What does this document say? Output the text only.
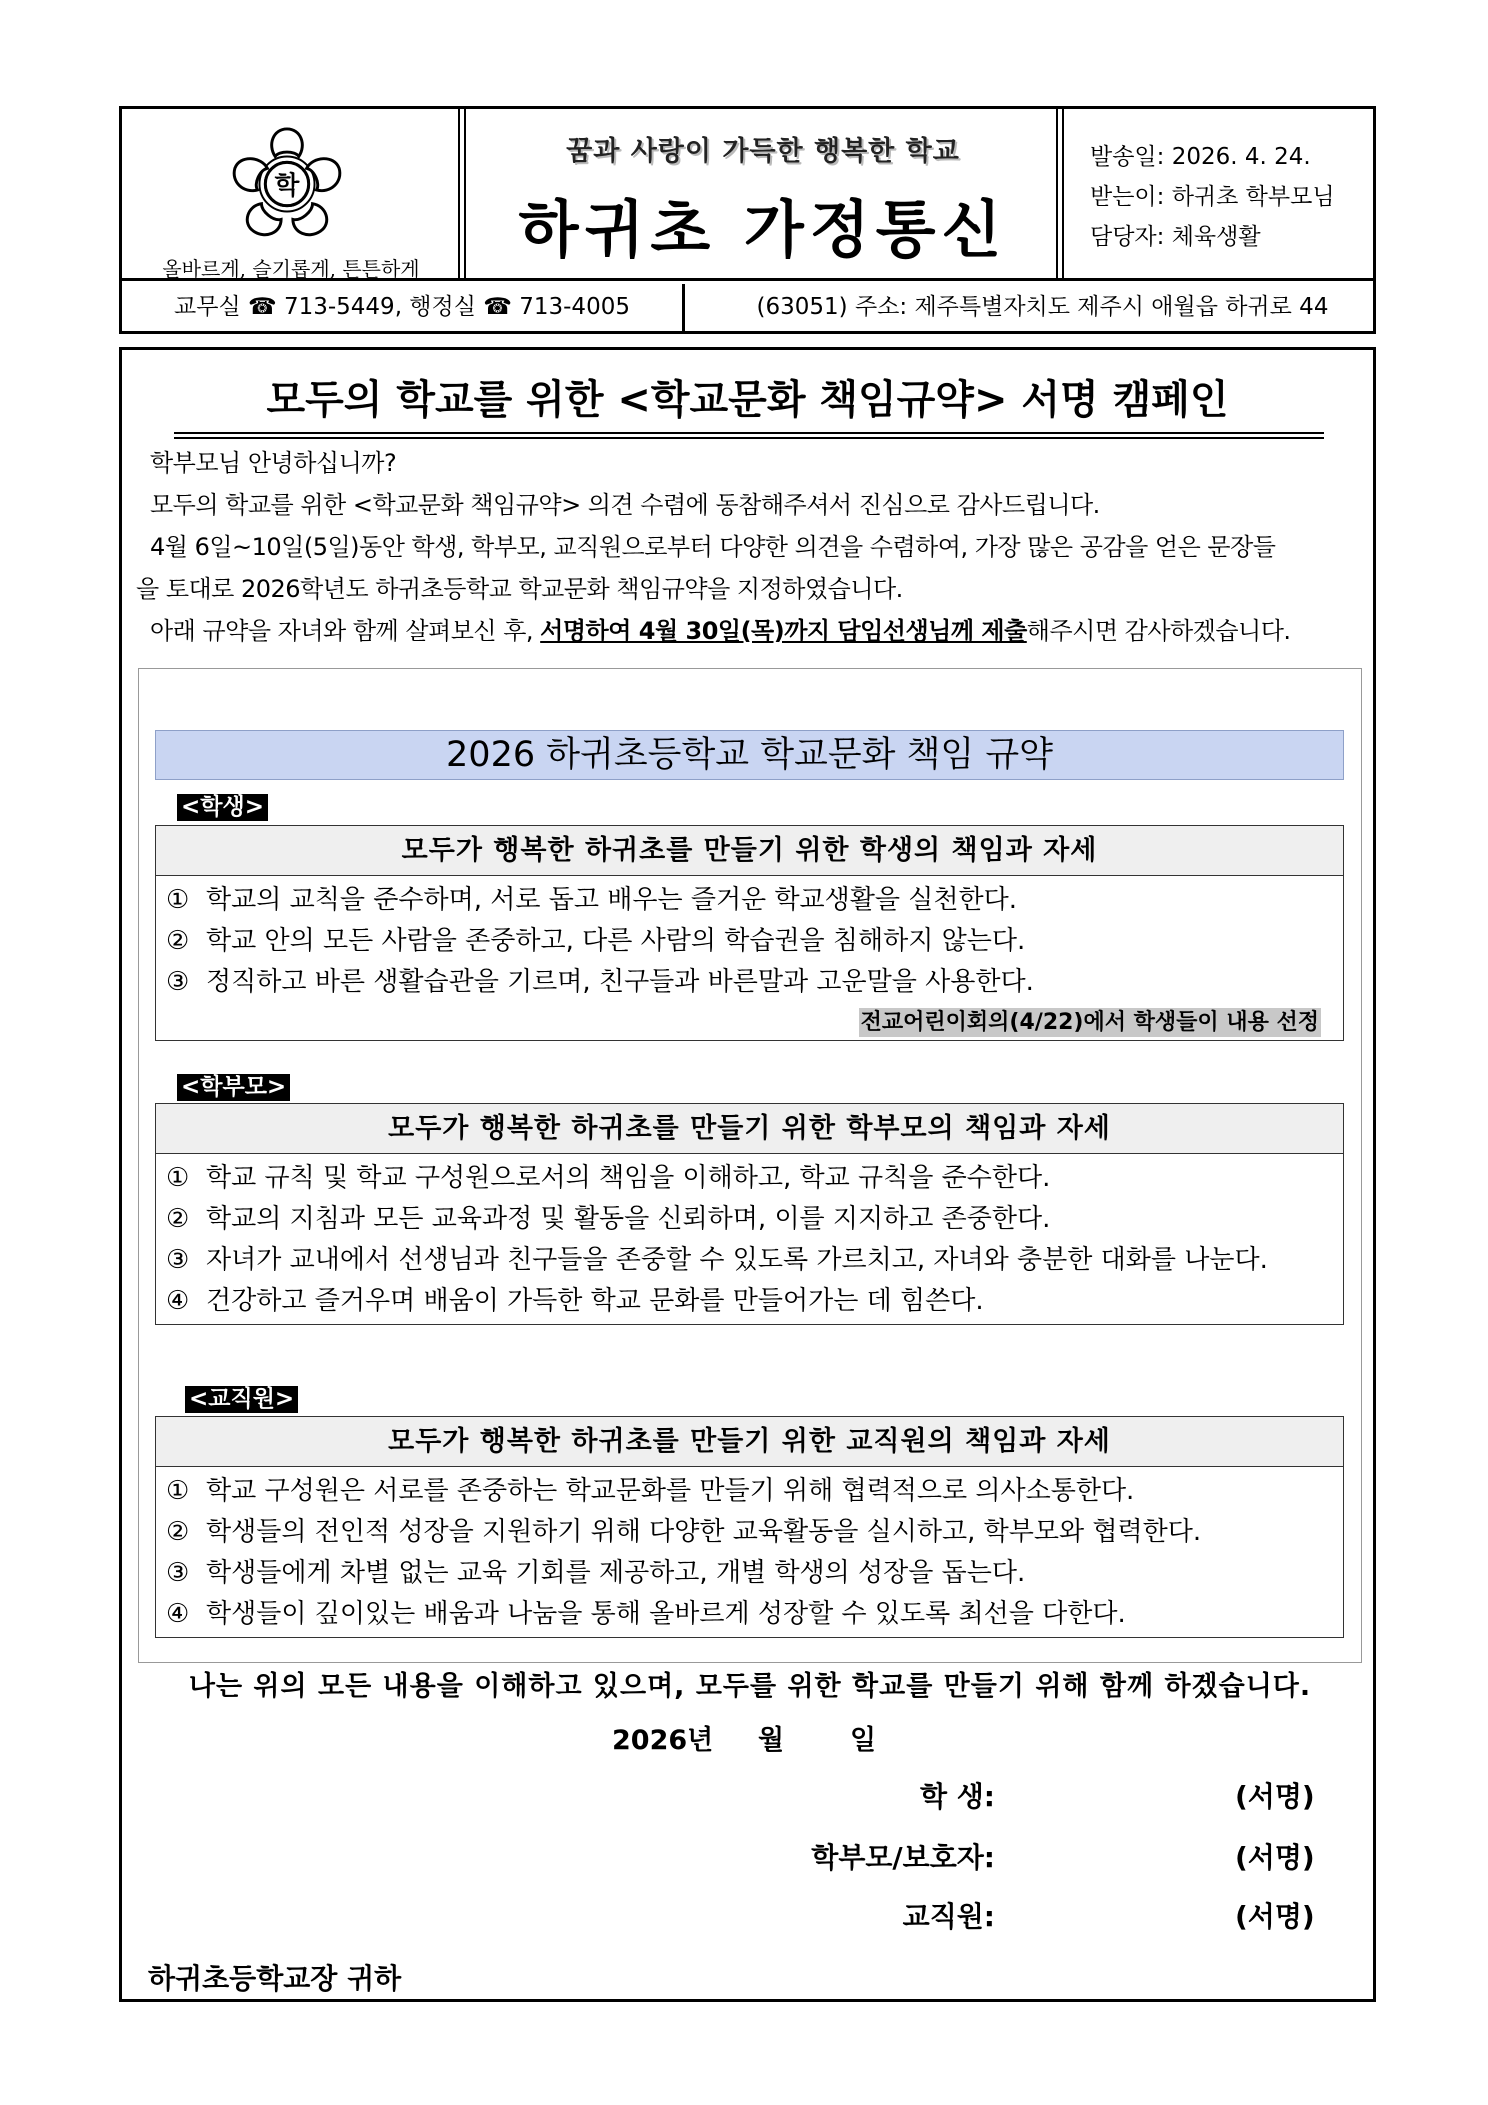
학
올바르게, 슬기롭게, 튼튼하게
꿈과 사랑이 가득한 행복한 학교
하귀초 가정통신
발송일: 2026. 4. 24.
받는이: 하귀초 학부모님
담당자: 체육생활
교무실 ☎ 713-5449, 행정실 ☎ 713-4005	(63051) 주소: 제주특별자치도 제주시 애월읍 하귀로 44
모두의 학교를 위한 <학교문화 책임규약> 서명 캠페인

학부모님 안녕하십니까?

모두의 학교를 위한 <학교문화 책임규약> 의견 수렴에 동참해주셔서 진심으로 감사드립니다.

4월 6일~10일(5일)동안 학생, 학부모, 교직원으로부터 다양한 의견을 수렴하여, 가장 많은 공감을 얻은 문장들

을 토대로 2026학년도 하귀초등학교 학교문화 책임규약을 지정하였습니다.

아래 규약을 자녀와 함께 살펴보신 후, 서명하여 4월 30일(목)까지 담임선생님께 제출해주시면 감사하겠습니다.

2026 하귀초등학교 학교문화 책임 규약
<학생>
모두가 행복한 하귀초를 만들기 위한 학생의 책임과 자세
① 학교의 교칙을 준수하며, 서로 돕고 배우는 즐거운 학교생활을 실천한다.
② 학교 안의 모든 사람을 존중하고, 다른 사람의 학습권을 침해하지 않는다.
③ 정직하고 바른 생활습관을 기르며, 친구들과 바른말과 고운말을 사용한다.
전교어린이회의(4/22)에서 학생들이 내용 선정
<학부모>
모두가 행복한 하귀초를 만들기 위한 학부모의 책임과 자세
① 학교 규칙 및 학교 구성원으로서의 책임을 이해하고, 학교 규칙을 준수한다.
② 학교의 지침과 모든 교육과정 및 활동을 신뢰하며, 이를 지지하고 존중한다.
③ 자녀가 교내에서 선생님과 친구들을 존중할 수 있도록 가르치고, 자녀와 충분한 대화를 나눈다.
④ 건강하고 즐거우며 배움이 가득한 학교 문화를 만들어가는 데 힘쓴다.
<교직원>
모두가 행복한 하귀초를 만들기 위한 교직원의 책임과 자세
① 학교 구성원은 서로를 존중하는 학교문화를 만들기 위해 협력적으로 의사소통한다.
② 학생들의 전인적 성장을 지원하기 위해 다양한 교육활동을 실시하고, 학부모와 협력한다.
③ 학생들에게 차별 없는 교육 기회를 제공하고, 개별 학생의 성장을 돕는다.
④ 학생들이 깊이있는 배움과 나눔을 통해 올바르게 성장할 수 있도록 최선을 다한다.
나는 위의 모든 내용을 이해하고 있으며, 모두를 위한 학교를 만들기 위해 함께 하겠습니다.
2026년 월 일
학 생:	(서명)
학부모/보호자:	(서명)
교직원:	(서명)
하귀초등학교장 귀하
